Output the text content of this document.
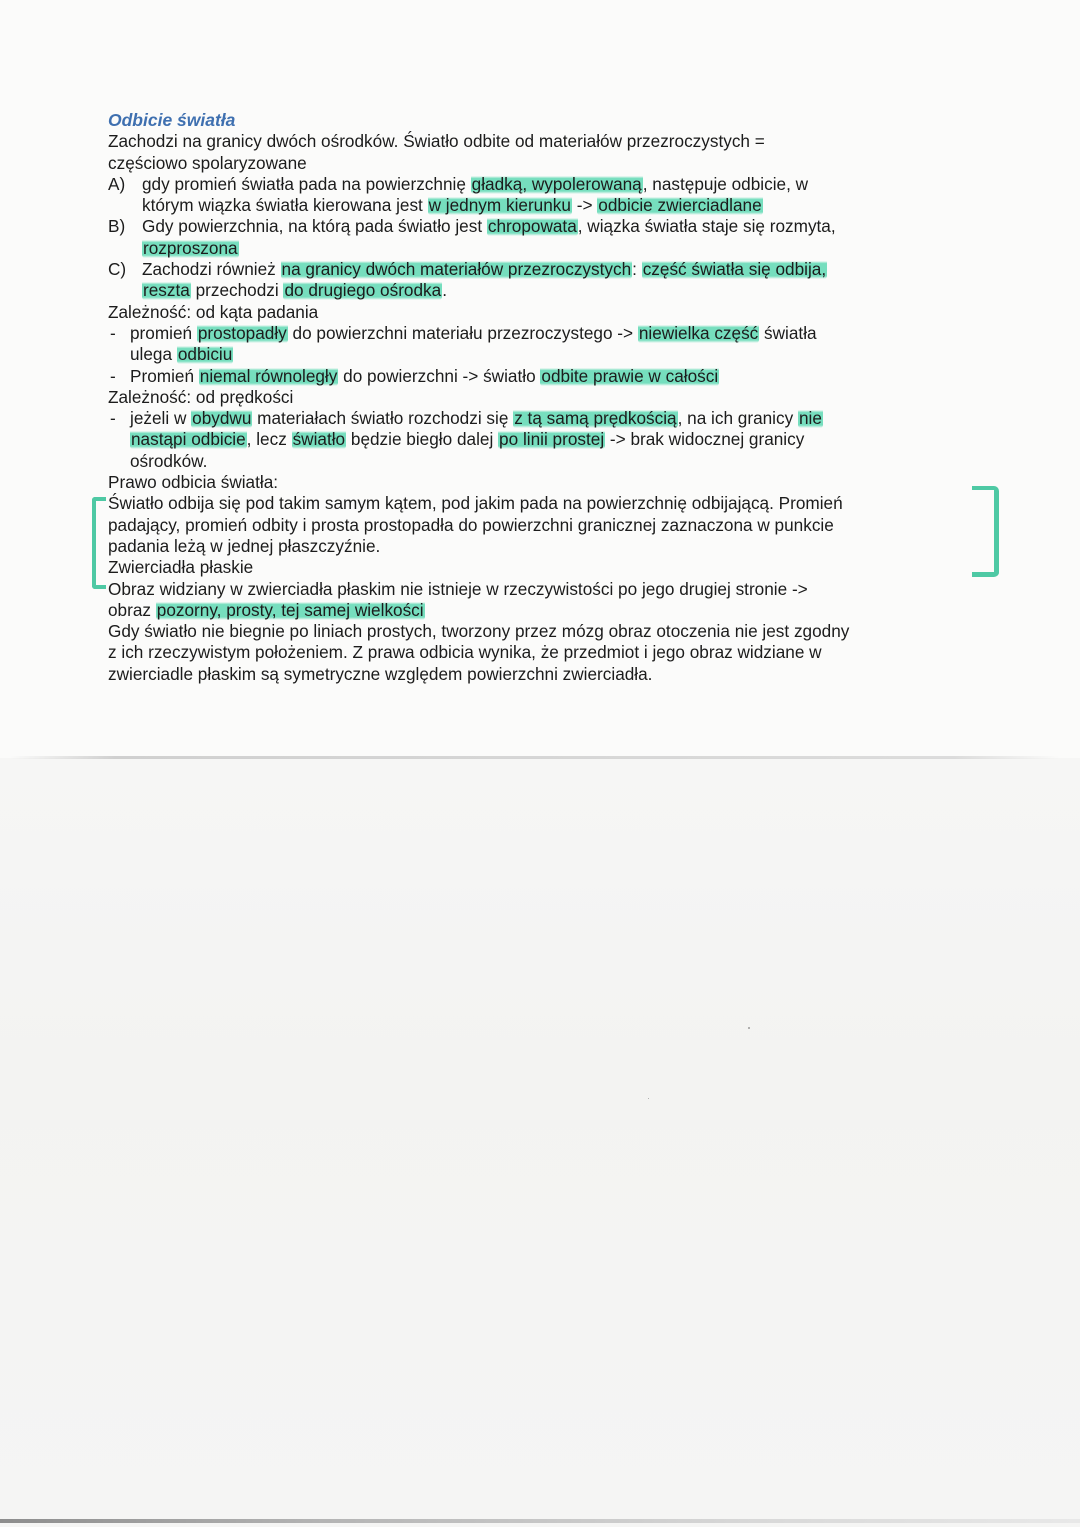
Odbicie światła
Zachodzi na granicy dwóch ośrodków. Światło odbite od materiałów przezroczystych =
częściowo spolaryzowane
A) gdy promień światła pada na powierzchnię gładką, wypolerowaną, następuje odbicie, w
którym wiązka światła kierowana jest w jednym kierunku -> odbicie zwierciadlane
B) Gdy powierzchnia, na którą pada światło jest chropowata, wiązka światła staje się rozmyta,
rozproszona
C) Zachodzi również na granicy dwóch materiałów przezroczystych: część światła się odbija,
reszta przechodzi do drugiego ośrodka.
Zależność: od kąta padania
- promień prostopadły do powierzchni materiału przezroczystego -> niewielka część światła
ulega odbiciu
- Promień niemal równoległy do powierzchni -> światło odbite prawie w całości
Zależność: od prędkości
- jeżeli w obydwu materiałach światło rozchodzi się z tą samą prędkością, na ich granicy nie
nastąpi odbicie, lecz światło będzie biegło dalej po linii prostej -> brak widocznej granicy
ośrodków.
Prawo odbicia światła:
Światło odbija się pod takim samym kątem, pod jakim pada na powierzchnię odbijającą. Promień
padający, promień odbity i prosta prostopadła do powierzchni granicznej zaznaczona w punkcie
padania leżą w jednej płaszczyźnie.
Zwierciadła płaskie
Obraz widziany w zwierciadła płaskim nie istnieje w rzeczywistości po jego drugiej stronie ->
obraz pozorny, prosty, tej samej wielkości
Gdy światło nie biegnie po liniach prostych, tworzony przez mózg obraz otoczenia nie jest zgodny
z ich rzeczywistym położeniem. Z prawa odbicia wynika, że przedmiot i jego obraz widziane w
zwierciadle płaskim są symetryczne względem powierzchni zwierciadła.
